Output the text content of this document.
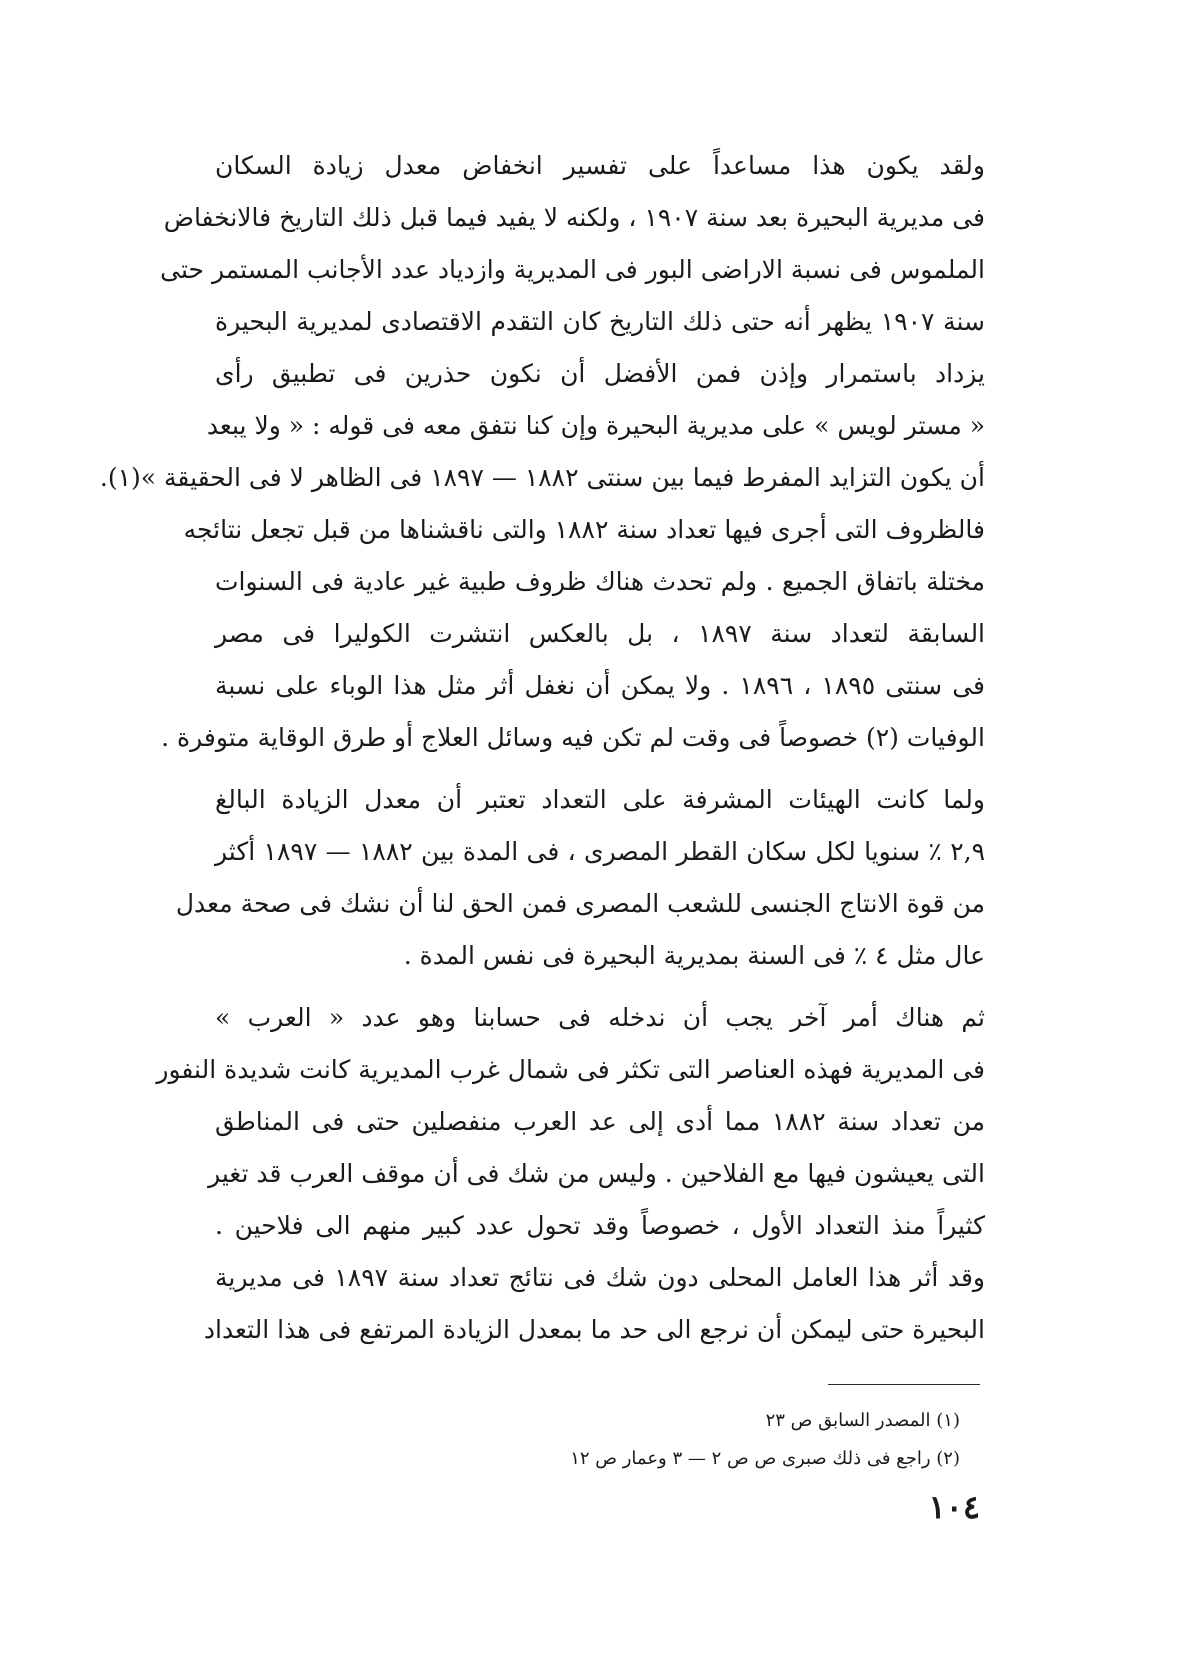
ولقد يكون هذا مساعداً على تفسير انخفاض معدل زيادة السكان
فى مديرية البحيرة بعد سنة ١٩٠٧ ، ولكنه لا يفيد فيما قبل ذلك التاريخ فالانخفاض
الملموس فى نسبة الاراضى البور فى المديرية وازدياد عدد الأجانب المستمر حتى
سنة ١٩٠٧ يظهر أنه حتى ذلك التاريخ كان التقدم الاقتصادى لمديرية البحيرة
يزداد باستمرار وإذن فمن الأفضل أن نكون حذرين فى تطبيق رأى
« مستر لويس » على مديرية البحيرة وإن كنا نتفق معه فى قوله : « ولا يبعد
أن يكون التزايد المفرط فيما بين سنتى ١٨٨٢ — ١٨٩٧ فى الظاهر لا فى الحقيقة »(١).
فالظروف التى أجرى فيها تعداد سنة ١٨٨٢ والتى ناقشناها من قبل تجعل نتائجه
مختلة باتفاق الجميع . ولم تحدث هناك ظروف طبية غير عادية فى السنوات
السابقة لتعداد سنة ١٨٩٧ ، بل بالعكس انتشرت الكوليرا فى مصر
فى سنتى ١٨٩٥ ، ١٨٩٦ . ولا يمكن أن نغفل أثر مثل هذا الوباء على نسبة
الوفيات (٢) خصوصاً فى وقت لم تكن فيه وسائل العلاج أو طرق الوقاية متوفرة .
ولما كانت الهيئات المشرفة على التعداد تعتبر أن معدل الزيادة البالغ
٢,٩ ٪ سنويا لكل سكان القطر المصرى ، فى المدة بين ١٨٨٢ — ١٨٩٧ أكثر
من قوة الانتاج الجنسى للشعب المصرى فمن الحق لنا أن نشك فى صحة معدل
عال مثل ٤ ٪ فى السنة بمديرية البحيرة فى نفس المدة .
ثم هناك أمر آخر يجب أن ندخله فى حسابنا وهو عدد « العرب »
فى المديرية فهذه العناصر التى تكثر فى شمال غرب المديرية كانت شديدة النفور
من تعداد سنة ١٨٨٢ مما أدى إلى عد العرب منفصلين حتى فى المناطق
التى يعيشون فيها مع الفلاحين . وليس من شك فى أن موقف العرب قد تغير
كثيراً منذ التعداد الأول ، خصوصاً وقد تحول عدد كبير منهم الى فلاحين .
وقد أثر هذا العامل المحلى دون شك فى نتائج تعداد سنة ١٨٩٧ فى مديرية
البحيرة حتى ليمكن أن نرجع الى حد ما بمعدل الزيادة المرتفع فى هذا التعداد
(١) المصدر السابق ص ٢٣
(٢) راجع فى ذلك صبرى ص ص ٢ — ٣ وعمار ص ١٢
١٠٤
